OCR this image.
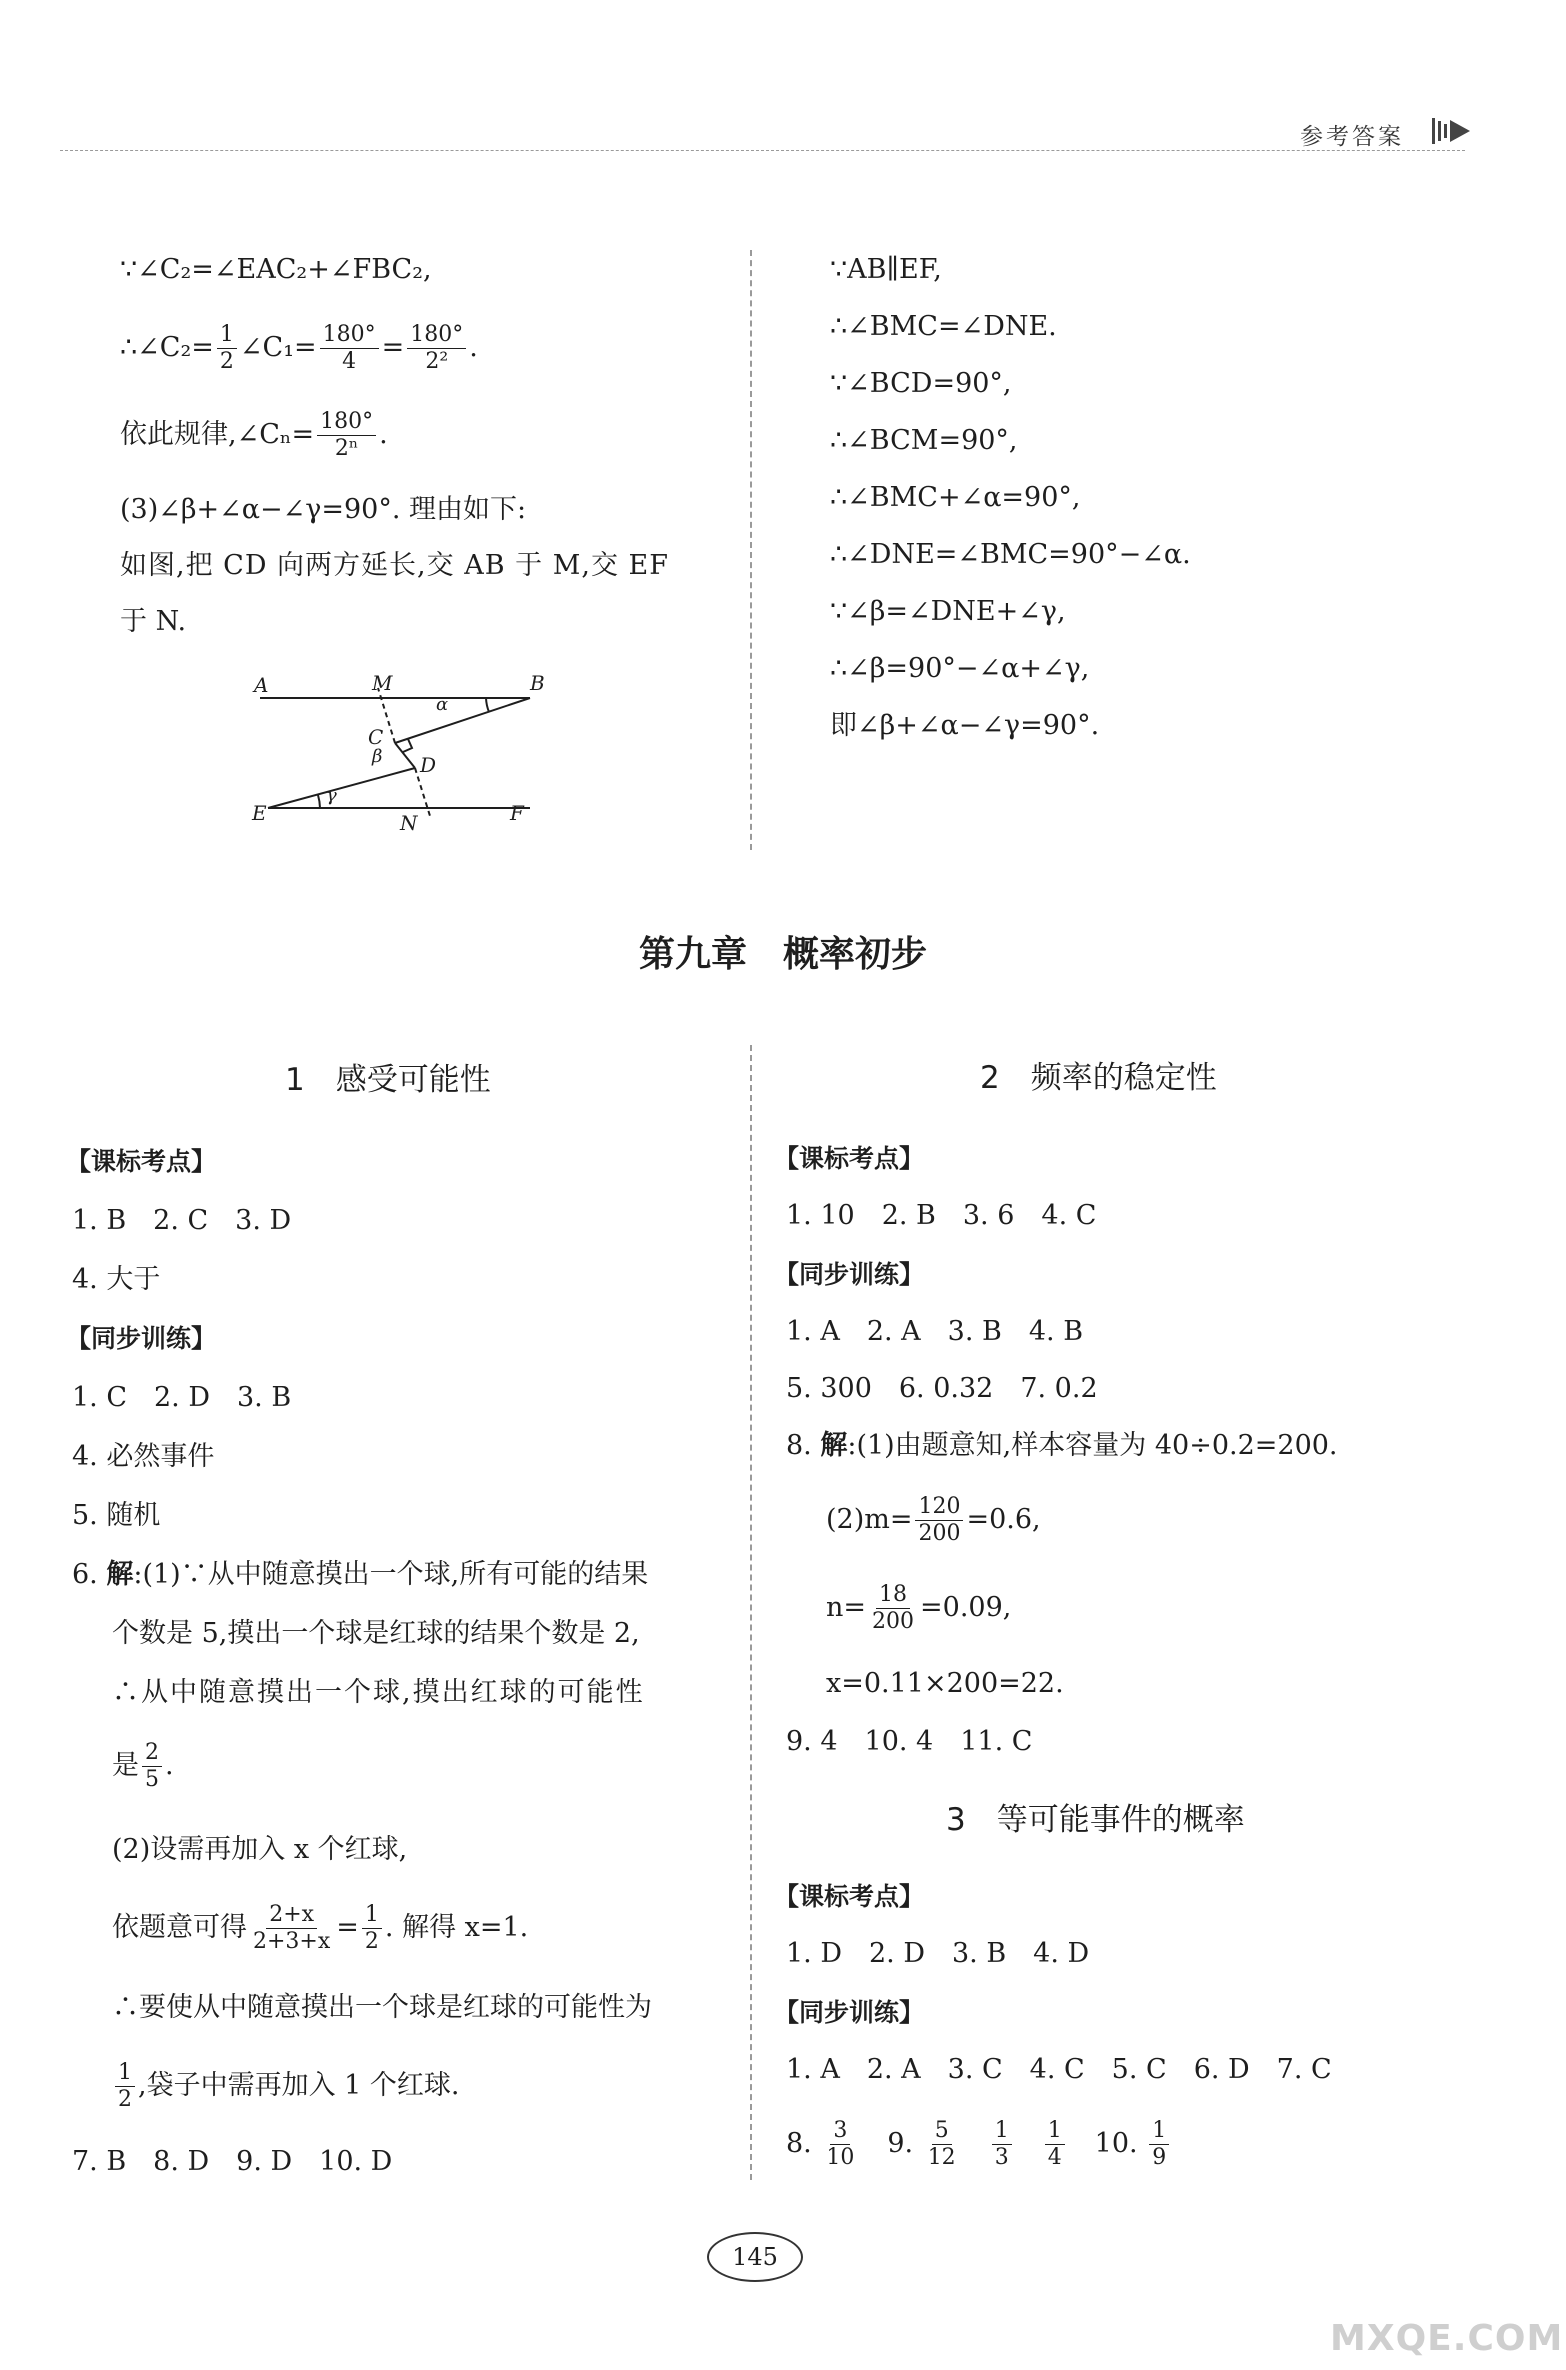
参考答案
∵∠C₂=∠EAC₂+∠FBC₂,
∴∠C₂= $\frac{1}{2}$ ∠C₁= $\frac{180^\circ}{4} = \frac{180^\circ}{\text{2²}}$ .
依此规律,∠Cₙ= $\frac{180^\circ}{\text{2ⁿ}}$ .
(3)∠β+∠α−∠γ=90°. 理由如下:
如图,把 CD 向两方延长,交 AB 于 M,交 EF
于 N.
A	M	B
C
D
E	N	F
α
β
γ
∵AB∥EF,
∴∠BMC=∠DNE.
∵∠BCD=90°,
∴∠BCM=90°,
∴∠BMC+∠α=90°,
∴∠DNE=∠BMC=90°−∠α.
∵∠β=∠DNE+∠γ,
∴∠β=90°−∠α+∠γ,
即∠β+∠α−∠γ=90°.
第九章　概率初步
1　感受可能性
【课标考点】
1. B　2. C　3. D
4. 大于
【同步训练】
1. C　2. D　3. B
4. 必然事件
5. 随机
6. 解:(1)∵从中随意摸出一个球,所有可能的结果
个数是 5,摸出一个球是红球的结果个数是 2,
∴从中随意摸出一个球,摸出红球的可能性
是 $\frac{2}{5}$ .
(2)设需再加入 x 个红球,
依题意可得 $\frac{2+x}{2+3+x} = \frac{1}{2}$ . 解得 x=1.
∴要使从中随意摸出一个球是红球的可能性为
$\frac{1}{2}$ ,袋子中需再加入 1 个红球.
7. B　8. D　9. D　10. D
2　频率的稳定性
【课标考点】
1. 10　2. B　3. 6　4. C
【同步训练】
1. A　2. A　3. B　4. B
5. 300　6. 0.32　7. 0.2
8. 解:(1)由题意知,样本容量为 40÷0.2=200.
$(2)m= \frac{120}{200} =0.6$,
$n= \frac{18}{200} =0.09$,
x=0.11×200=22.
9. 4　10. 4　11. C
3　等可能事件的概率
【课标考点】
1. D　2. D　3. B　4. D
【同步训练】
1. A　2. A　3. C　4. C　5. C　6. D　7. C
8. $\frac{3}{10}$ 　9. $\frac{5}{12}$
　 $\frac{1}{3}$
　 $\frac{1}{4}$ 　10. $\frac{1}{9}$
145
MXQE.COM
